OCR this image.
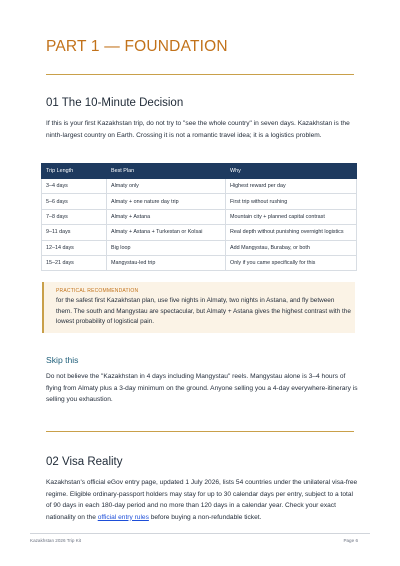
PART 1 — FOUNDATION
01 The 10-Minute Decision

If this is your first Kazakhstan trip, do not try to "see the whole country" in seven days. Kazakhstan is the ninth-largest country on Earth. Crossing it is not a romantic travel idea; it is a logistics problem.

Trip Length	Best Plan	Why
3–4 days	Almaty only	Highest reward per day
5–6 days	Almaty + one nature day trip	First trip without rushing
7–8 days	Almaty + Astana	Mountain city + planned capital contrast
9–11 days	Almaty + Astana + Turkestan or Kolsai	Real depth without punishing overnight logistics
12–14 days	Big loop	Add Mangystau, Burabay, or both
15–21 days	Mangystau-led trip	Only if you came specifically for this
PRACTICAL RECOMMENDATION
for the safest first Kazakhstan plan, use five nights in Almaty, two nights in Astana, and fly between them. The south and Mangystau are spectacular, but Almaty + Astana gives the highest contrast with the lowest probability of logistical pain.
Skip this

Do not believe the "Kazakhstan in 4 days including Mangystau" reels. Mangystau alone is 3–4 hours of flying from Almaty plus a 3-day minimum on the ground. Anyone selling you a 4-day everywhere-itinerary is selling you exhaustion.

02 Visa Reality

Kazakhstan's official eGov entry page, updated 1 July 2026, lists 54 countries under the unilateral visa-free regime. Eligible ordinary-passport holders may stay for up to 30 calendar days per entry, subject to a total of 90 days in each 180-day period and no more than 120 days in a calendar year. Check your exact nationality on the official entry rules before buying a non-refundable ticket.

Kazakhstan 2026 Trip Kit	Page 6
